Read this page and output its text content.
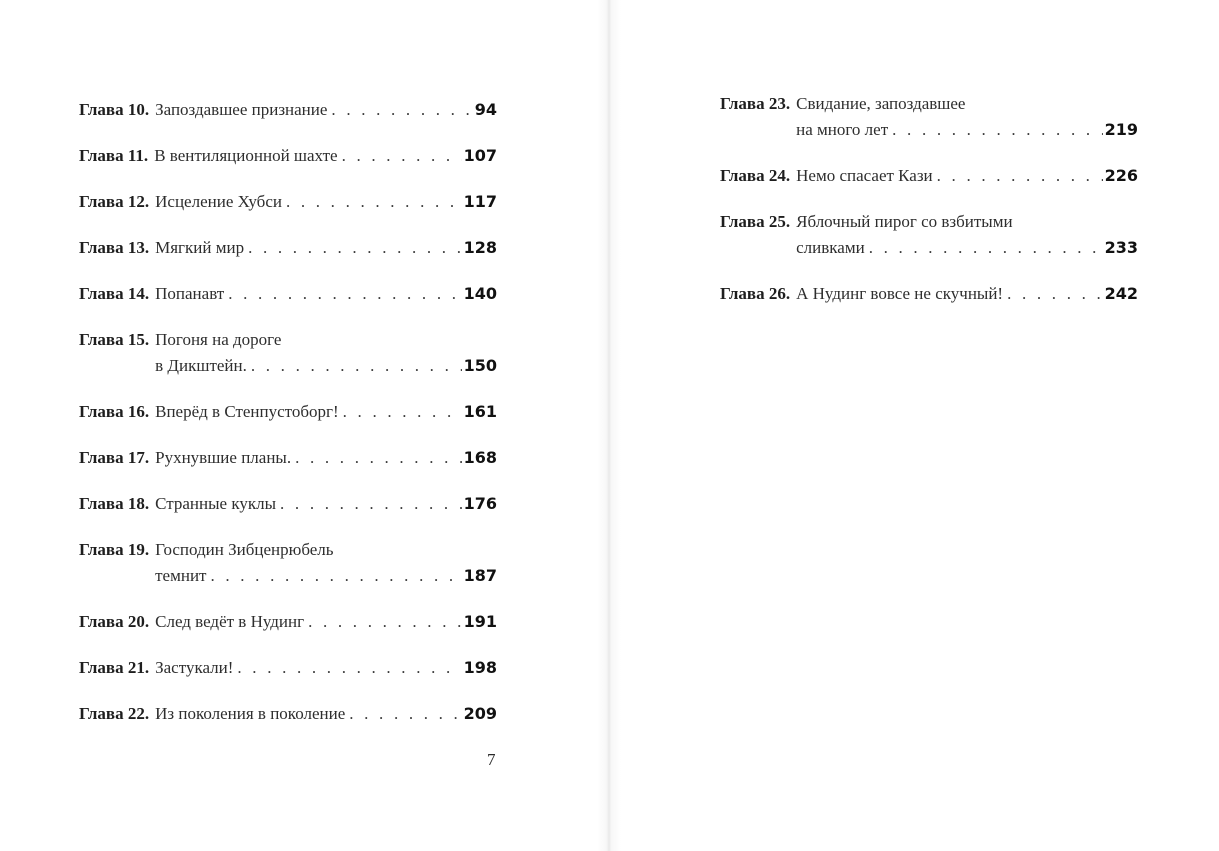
Глава 10. Запоздавшее признание . . .	94
Глава 11. В вентиляционной шахте . . .	107
Глава 12. Исцеление Хубси . . .	117
Глава 13. Мягкий мир . . .	128
Глава 14. Попанавт . . .	140
Глава 15. Погоня на дороге
в Дикштейн. . . .	150
Глава 16. Вперёд в Стенпустоборг! . . .	161
Глава 17. Рухнувшие планы. . . .	168
Глава 18. Странные куклы . . .	176
Глава 19. Господин Зибценрюбель
темнит . . .	187
Глава 20. След ведёт в Нудинг . . .	191
Глава 21. Застукали! . . .	198
Глава 22. Из поколения в поколение . . .	209
Глава 23. Свидание, запоздавшее
на много лет . . .	219
Глава 24. Немо спасает Кази . . .	226
Глава 25. Яблочный пирог со взбитыми
сливками . . .	233
Глава 26. А Нудинг вовсе не скучный! . . .	242
7
